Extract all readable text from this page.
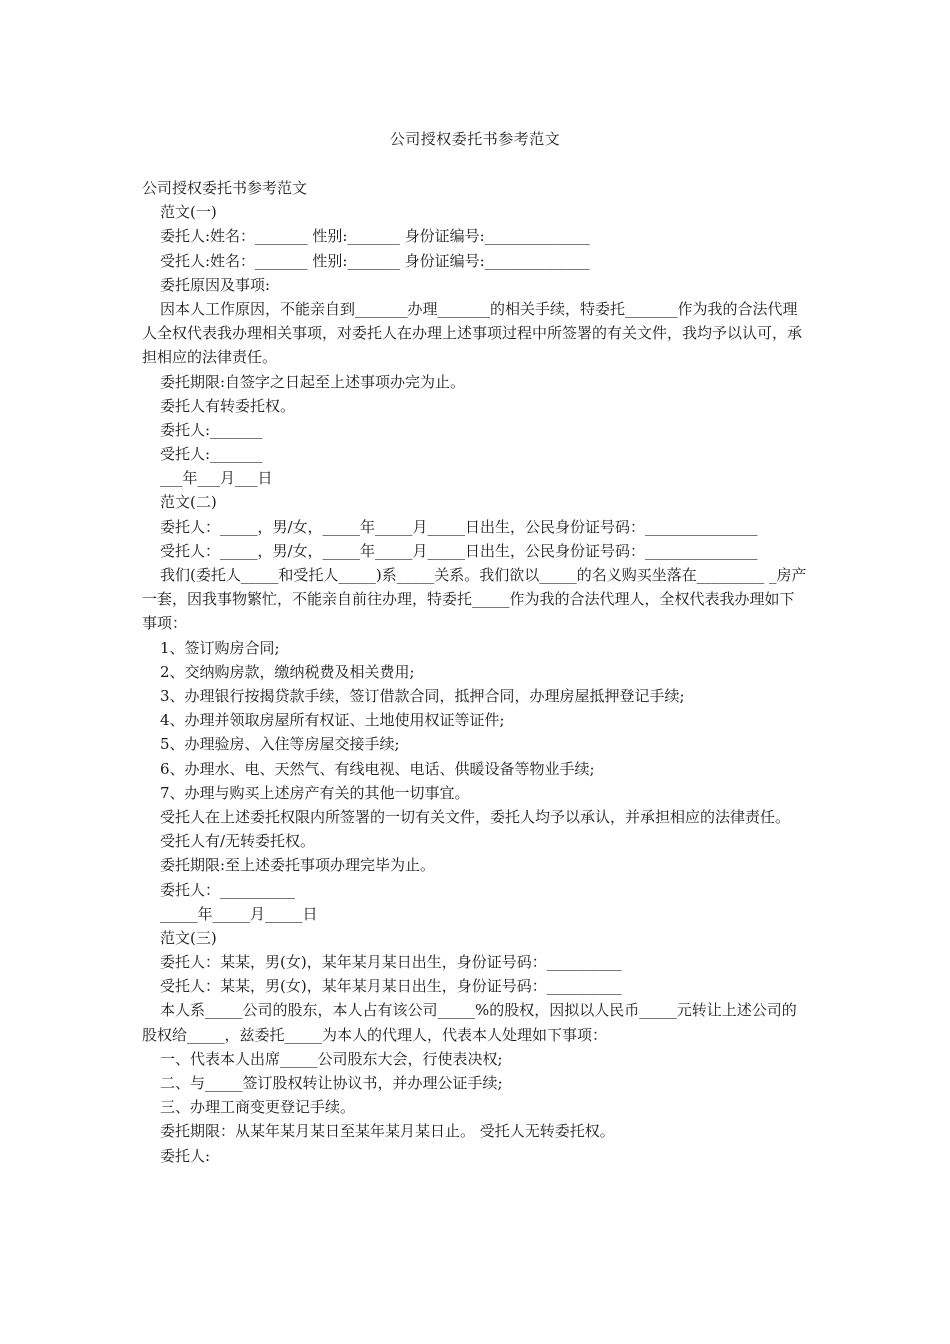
公司授权委托书参考范文
公司授权委托书参考范文
范文(一)
委托人:姓名：_______ 性别:_______ 身份证编号:______________
受托人:姓名：_______ 性别:_______ 身份证编号:______________
委托原因及事项:
因本人工作原因，不能亲自到_______办理_______的相关手续，特委托_______作为我的合法代理人全权代表我办理相关事项，对委托人在办理上述事项过程中所签署的有关文件，我均予以认可，承担相应的法律责任。
委托期限:自签字之日起至上述事项办完为止。
委托人有转委托权。
委托人:_______
受托人:_______
___年___月___日
范文(二)
委托人：_____，男/女，_____年_____月_____日出生，公民身份证号码：_______________
受托人：_____，男/女，_____年_____月_____日出生，公民身份证号码：_______________
我们(委托人_____和受托人_____)系_____关系。我们欲以_____的名义购买坐落在_________ _房产一套，因我事物繁忙，不能亲自前往办理，特委托_____作为我的合法代理人，全权代表我办理如下事项：
1、签订购房合同;
2、交纳购房款，缴纳税费及相关费用;
3、办理银行按揭贷款手续，签订借款合同，抵押合同，办理房屋抵押登记手续;
4、办理并领取房屋所有权证、土地使用权证等证件;
5、办理验房、入住等房屋交接手续;
6、办理水、电、天然气、有线电视、电话、供暖设备等物业手续;
7、办理与购买上述房产有关的其他一切事宜。
受托人在上述委托权限内所签署的一切有关文件，委托人均予以承认，并承担相应的法律责任。
受托人有/无转委托权。
委托期限:至上述委托事项办理完毕为止。
委托人：__________
_____年_____月_____日
范文(三)
委托人：某某，男(女)，某年某月某日出生，身份证号码：__________
受托人：某某，男(女)，某年某月某日出生，身份证号码：__________
本人系_____公司的股东，本人占有该公司_____%的股权，因拟以人民币_____元转让上述公司的股权给_____，兹委托_____为本人的代理人，代表本人处理如下事项：
一、代表本人出席_____公司股东大会，行使表决权;
二、与_____签订股权转让协议书，并办理公证手续;
三、办理工商变更登记手续。
委托期限：从某年某月某日至某年某月某日止。 受托人无转委托权。
委托人:
